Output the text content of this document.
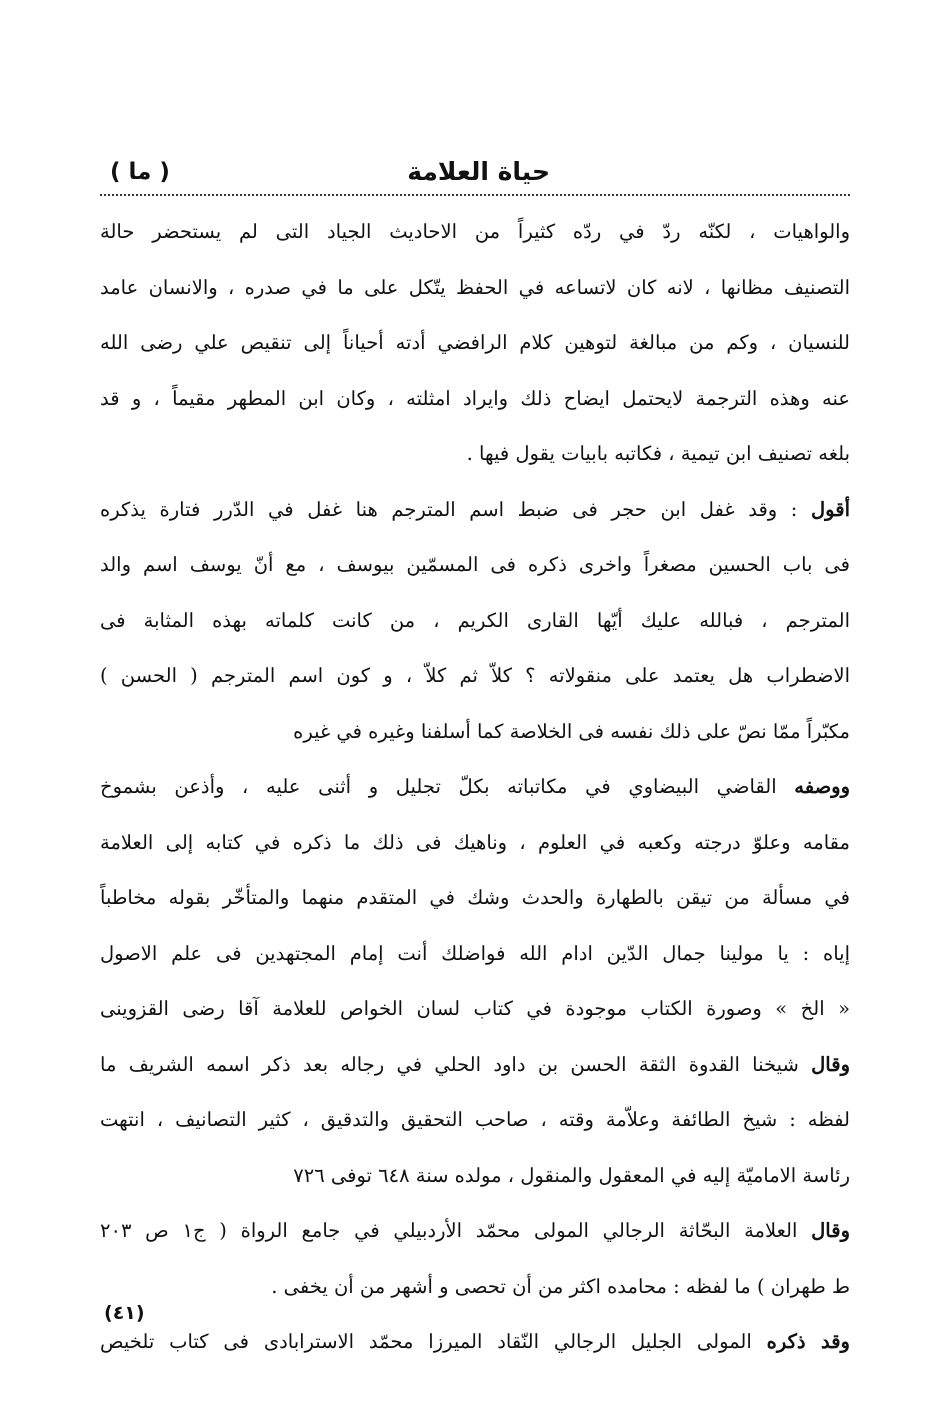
حياة العلامة
( ما )
والواهيات ، لكنّه ردّ في ردّه كثيراً من الاحاديث الجياد التى لم يستحضر حالة
التصنيف مظانها ، لانه كان لاتساعه في الحفظ يتّكل على ما في صدره ، والانسان عامد
للنسيان ، وكم من مبالغة لتوهين كلام الرافضي أدته أحياناً إلى تنقيص علي رضى الله
عنه وهذه الترجمة لايحتمل ايضاح ذلك وايراد امثلته ، وكان ابن المطهر مقيماً ، و قد
بلغه تصنيف ابن تيمية ، فكاتبه بابيات يقول فيها .
أقول : وقد غفل ابن حجر فى ضبط اسم المترجم هنا غفل في الدّرر فتارة يذكره
فى باب الحسين مصغراً واخرى ذكره فى المسمّين بيوسف ، مع أنّ يوسف اسم والد
المترجم ، فبالله عليك أيّها القارى الكريم ، من كانت كلماته بهذه المثابة فى
الاضطراب هل يعتمد على منقولاته ؟ كلاّ ثم كلاّ ، و كون اسم المترجم ( الحسن )
مكبّراً ممّا نصّ على ذلك نفسه فى الخلاصة كما أسلفنا وغيره في غيره
ووصفه القاضي البيضاوي في مكاتباته بكلّ تجليل و أثنى عليه ، وأذعن بشموخ
مقامه وعلوّ درجته وكعبه في العلوم ، وناهيك فى ذلك ما ذكره في كتابه إلى العلامة
في مسألة من تيقن بالطهارة والحدث وشك في المتقدم منهما والمتأخّر بقوله مخاطباً
إياه : يا مولينا جمال الدّين ادام الله فواضلك أنت إمام المجتهدين فى علم الاصول
« الخ » وصورة الكتاب موجودة في كتاب لسان الخواص للعلامة آقا رضى القزوينى
وقال شيخنا القدوة الثقة الحسن بن داود الحلي في رجاله بعد ذكر اسمه الشريف ما
لفظه : شيخ الطائفة وعلاّمة وقته ، صاحب التحقيق والتدقيق ، كثير التصانيف ، انتهت
رئاسة الاماميّة إليه في المعقول والمنقول ، مولده سنة ٦٤٨ توفى ٧٢٦
وقال العلامة البحّاثة الرجالي المولى محمّد الأردبيلي في جامع الرواة ( ج١ ص ٢٠٣
ط طهران ) ما لفظه : محامده اكثر من أن تحصى و أشهر من أن يخفى .
وقد ذكره المولى الجليل الرجالي النّقاد الميرزا محمّد الاسترابادى فى كتاب تلخيص
(٤١)
